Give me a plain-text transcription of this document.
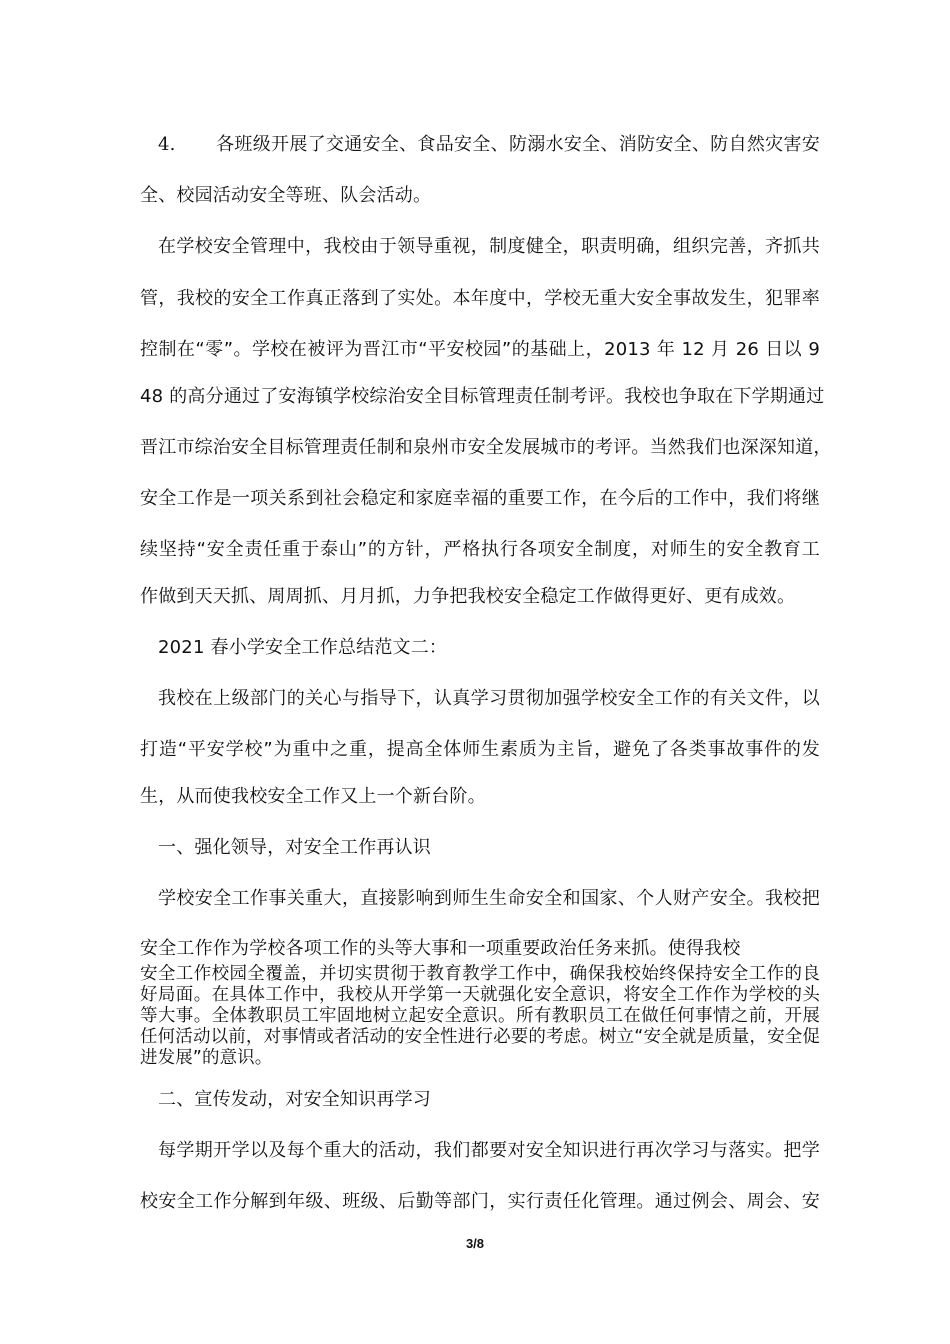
4. 各班级开展了交通安全、食品安全、防溺水安全、消防安全、防自然灾害安
全、校园活动安全等班、队会活动。
在学校安全管理中，我校由于领导重视，制度健全，职责明确，组织完善，齐抓共
管，我校的安全工作真正落到了实处。本年度中，学校无重大安全事故发生，犯罪率
控制在“零”。学校在被评为晋江市“平安校园”的基础上，2013 年 12 月 26 日以 9
48 的高分通过了安海镇学校综治安全目标管理责任制考评。我校也争取在下学期通过
晋江市综治安全目标管理责任制和泉州市安全发展城市的考评。当然我们也深深知道，
安全工作是一项关系到社会稳定和家庭幸福的重要工作，在今后的工作中，我们将继
续坚持“安全责任重于泰山”的方针，严格执行各项安全制度，对师生的安全教育工
作做到天天抓、周周抓、月月抓，力争把我校安全稳定工作做得更好、更有成效。
2021 春小学安全工作总结范文二：
我校在上级部门的关心与指导下，认真学习贯彻加强学校安全工作的有关文件，以
打造“平安学校”为重中之重，提高全体师生素质为主旨，避免了各类事故事件的发
生，从而使我校安全工作又上一个新台阶。
一、强化领导，对安全工作再认识
学校安全工作事关重大，直接影响到师生生命安全和国家、个人财产安全。我校把
安全工作作为学校各项工作的头等大事和一项重要政治任务来抓。使得我校
安全工作校园全覆盖，并切实贯彻于教育教学工作中，确保我校始终保持安全工作的良好局面。在具体工作中，我校从开学第一天就强化安全意识，将安全工作作为学校的头等大事。全体教职员工牢固地树立起安全意识。所有教职员工在做任何事情之前，开展任何活动以前，对事情或者活动的安全性进行必要的考虑。树立“安全就是质量，安全促进发展”的意识。
二、宣传发动，对安全知识再学习
每学期开学以及每个重大的活动，我们都要对安全知识进行再次学习与落实。把学
校安全工作分解到年级、班级、后勤等部门，实行责任化管理。通过例会、周会、安
3/8
